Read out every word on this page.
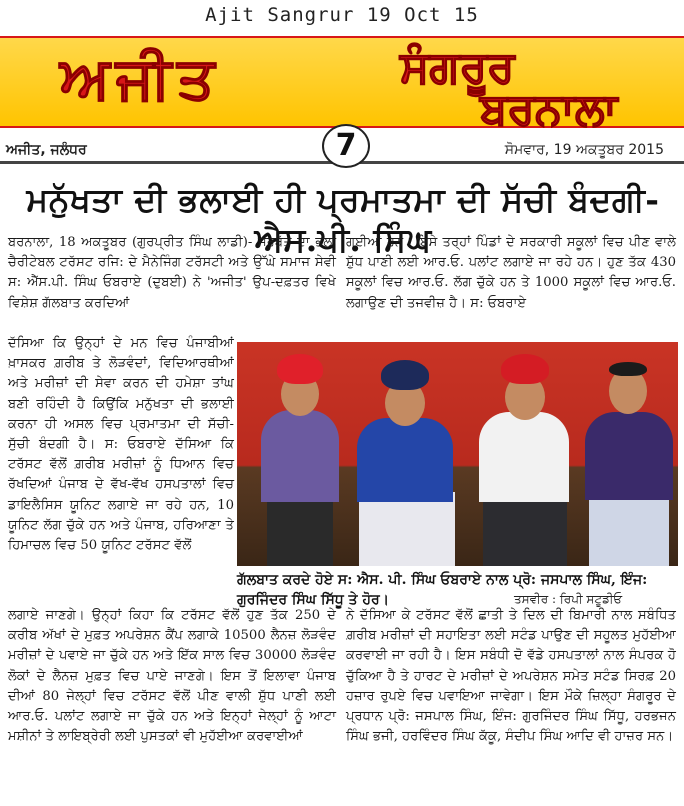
Ajit Sangrur 19 Oct 15
ਅਜੀਤ	ਸੰਗਰੂਰ
ਬਰਨਾਲਾ
ਅਜੀਤ, ਜਲੰਧਰ	ਸੋਮਵਾਰ, 19 ਅਕਤੂਬਰ 2015
7
ਮਨੁੱਖਤਾ ਦੀ ਭਲਾਈ ਹੀ ਪ੍ਰਮਾਤਮਾ ਦੀ ਸੱਚੀ ਬੰਦਗੀ-ਐਸ.ਪੀ. ਸਿੰਘ
ਬਰਨਾਲਾ, 18 ਅਕਤੂਬਰ (ਗੁਰਪ੍ਰੀਤ ਸਿੰਘ ਲਾਡੀ)- ਸਰਬੱਤ ਦਾ ਭਲਾ ਚੈਰੀਟੇਬਲ ਟਰੱਸਟ ਰਜਿ: ਦੇ ਮੈਨੇਜਿੰਗ ਟਰੱਸਟੀ ਅਤੇ ਉੱਘੇ ਸਮਾਜ ਸੇਵੀ ਸ: ਐੱਸ.ਪੀ. ਸਿੰਘ ਓਬਰਾਏ (ਦੁਬਈ) ਨੇ 'ਅਜੀਤ' ਉਪ-ਦਫ਼ਤਰ ਵਿਖੇ ਵਿਸ਼ੇਸ਼ ਗੱਲਬਾਤ ਕਰਦਿਆਂ
ਦੱਸਿਆ ਕਿ ਉਨ੍ਹਾਂ ਦੇ ਮਨ ਵਿਚ ਪੰਜਾਬੀਆਂ ਖ਼ਾਸਕਰ ਗ਼ਰੀਬ ਤੇ ਲੋੜਵੰਦਾਂ, ਵਿਦਿਆਰਥੀਆਂ ਅਤੇ ਮਰੀਜ਼ਾਂ ਦੀ ਸੇਵਾ ਕਰਨ ਦੀ ਹਮੇਸ਼ਾ ਤਾਂਘ ਬਣੀ ਰਹਿੰਦੀ ਹੈ ਕਿਉਂਕਿ ਮਨੁੱਖਤਾ ਦੀ ਭਲਾਈ ਕਰਨਾ ਹੀ ਅਸਲ ਵਿਚ ਪ੍ਰਮਾਤਮਾ ਦੀ ਸੱਚੀ-ਸੁੱਚੀ ਬੰਦਗੀ ਹੈ। ਸ: ਓਬਰਾਏ ਦੱਸਿਆ ਕਿ ਟਰੱਸਟ ਵੱਲੋਂ ਗ਼ਰੀਬ ਮਰੀਜ਼ਾਂ ਨੂੰ ਧਿਆਨ ਵਿਚ ਰੱਖਦਿਆਂ ਪੰਜਾਬ ਦੇ ਵੱਖ-ਵੱਖ ਹਸਪਤਾਲਾਂ ਵਿਚ ਡਾਇਲੈਸਿਸ ਯੂਨਿਟ ਲਗਾਏ ਜਾ ਰਹੇ ਹਨ, 10 ਯੂਨਿਟ ਲੱਗ ਚੁੱਕੇ ਹਨ ਅਤੇ ਪੰਜਾਬ, ਹਰਿਆਣਾ ਤੇ ਹਿਮਾਚਲ ਵਿਚ 50 ਯੂਨਿਟ ਟਰੱਸਟ ਵੱਲੋਂ
ਲਗਾਏ ਜਾਣਗੇ। ਉਨ੍ਹਾਂ ਕਿਹਾ ਕਿ ਟਰੱਸਟ ਵੱਲੋਂ ਹੁਣ ਤੱਕ 250 ਦੇ ਕਰੀਬ ਅੱਖਾਂ ਦੇ ਮੁਫ਼ਤ ਅਪਰੇਸ਼ਨ ਕੈਂਪ ਲਗਾਕੇ 10500 ਲੈਨਜ਼ ਲੋੜਵੰਦ ਮਰੀਜ਼ਾਂ ਦੇ ਪਵਾਏ ਜਾ ਚੁੱਕੇ ਹਨ ਅਤੇ ਇੱਕ ਸਾਲ ਵਿਚ 30000 ਲੋੜਵੰਦ ਲੋਕਾਂ ਦੇ ਲੈਨਜ਼ ਮੁਫ਼ਤ ਵਿਚ ਪਾਏ ਜਾਣਗੇ। ਇਸ ਤੋਂ ਇਲਾਵਾ ਪੰਜਾਬ ਦੀਆਂ 80 ਜੇਲ੍ਹਾਂ ਵਿਚ ਟਰੱਸਟ ਵੱਲੋਂ ਪੀਣ ਵਾਲੀ ਸ਼ੁੱਧ ਪਾਣੀ ਲਈ ਆਰ.ਓ. ਪਲਾਂਟ ਲਗਾਏ ਜਾ ਚੁੱਕੇ ਹਨ ਅਤੇ ਇਨ੍ਹਾਂ ਜੇਲ੍ਹਾਂ ਨੂੰ ਆਟਾ ਮਸ਼ੀਨਾਂ ਤੇ ਲਾਇਬ੍ਰੇਰੀ ਲਈ ਪੁਸਤਕਾਂ ਵੀ ਮੁਹੱਈਆ ਕਰਵਾਈਆਂ
ਗਈਆਂ ਹਨ। ਇਸੇ ਤਰ੍ਹਾਂ ਪਿੰਡਾਂ ਦੇ ਸਰਕਾਰੀ ਸਕੂਲਾਂ ਵਿਚ ਪੀਣ ਵਾਲੇ ਸ਼ੁੱਧ ਪਾਣੀ ਲਈ ਆਰ.ਓ. ਪਲਾਂਟ ਲਗਾਏ ਜਾ ਰਹੇ ਹਨ। ਹੁਣ ਤੱਕ 430 ਸਕੂਲਾਂ ਵਿਚ ਆਰ.ਓ. ਲੱਗ ਚੁੱਕੇ ਹਨ ਤੇ 1000 ਸਕੂਲਾਂ ਵਿਚ ਆਰ.ਓ. ਲਗਾਉਣ ਦੀ ਤਜਵੀਜ਼ ਹੈ। ਸ: ਓਬਰਾਏ
ਨੇ ਦੱਸਿਆ ਕੇ ਟਰੱਸਟ ਵੱਲੋਂ ਛਾਤੀ ਤੇ ਦਿਲ ਦੀ ਬਿਮਾਰੀ ਨਾਲ ਸਬੰਧਿਤ ਗ਼ਰੀਬ ਮਰੀਜ਼ਾਂ ਦੀ ਸਹਾਇਤਾ ਲਈ ਸਟੰਡ ਪਾਉਣ ਦੀ ਸਹੂਲਤ ਮੁਹੱਈਆ ਕਰਵਾਈ ਜਾ ਰਹੀ ਹੈ। ਇਸ ਸਬੰਧੀ ਦੋ ਵੱਡੇ ਹਸਪਤਾਲਾਂ ਨਾਲ ਸੰਪਰਕ ਹੋ ਚੁੱਕਿਆ ਹੈ ਤੇ ਹਾਰਟ ਦੇ ਮਰੀਜ਼ਾਂ ਦੇ ਅਪਰੇਸ਼ਨ ਸਮੇਤ ਸਟੰਡ ਸਿਰਫ਼ 20 ਹਜ਼ਾਰ ਰੁਪਏ ਵਿਚ ਪਵਾਇਆ ਜਾਵੇਗਾ। ਇਸ ਮੌਕੇ ਜ਼ਿਲ੍ਹਾ ਸੰਗਰੂਰ ਦੇ ਪ੍ਰਧਾਨ ਪ੍ਰੋ: ਜਸਪਾਲ ਸਿੰਘ, ਇੰਜ: ਗੁਰਜਿੰਦਰ ਸਿੰਘ ਸਿੱਧੂ, ਹਰਭਜਨ ਸਿੰਘ ਭਜੀ, ਹਰਵਿੰਦਰ ਸਿੰਘ ਕੱਕੂ, ਸੰਦੀਪ ਸਿੰਘ ਆਦਿ ਵੀ ਹਾਜ਼ਰ ਸਨ।
ਗੱਲਬਾਤ ਕਰਦੇ ਹੋਏ ਸ: ਐਸ. ਪੀ. ਸਿੰਘ ਓਬਰਾਏ ਨਾਲ ਪ੍ਰੋ: ਜਸਪਾਲ ਸਿੰਘ, ਇੰਜ: ਗੁਰਜਿੰਦਰ ਸਿੰਘ ਸਿੱਧੂ ਤੇ ਹੋਰ।	ਤਸਵੀਰ : ਰਿਪੀ ਸਟੂਡੀਓ
